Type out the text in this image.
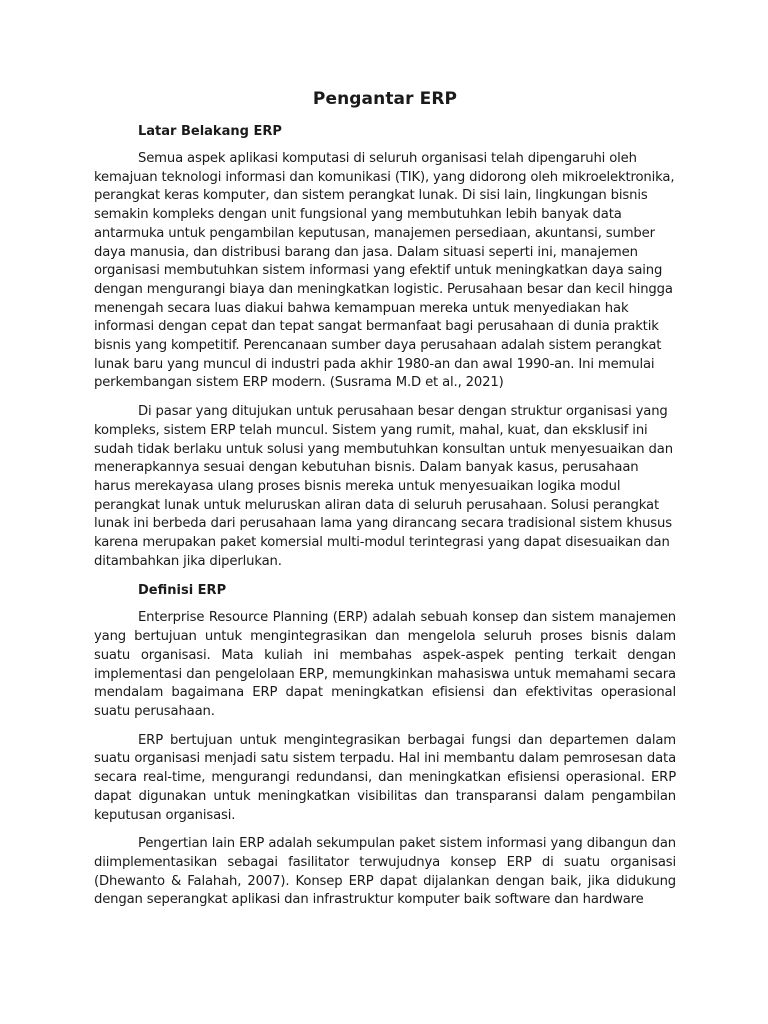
Pengantar ERP
Latar Belakang ERP

Semua aspek aplikasi komputasi di seluruh organisasi telah dipengaruhi oleh kemajuan teknologi informasi dan komunikasi (TIK), yang didorong oleh mikroelektronika, perangkat keras komputer, dan sistem perangkat lunak. Di sisi lain, lingkungan bisnis semakin kompleks dengan unit fungsional yang membutuhkan lebih banyak data antarmuka untuk pengambilan keputusan, manajemen persediaan, akuntansi, sumber daya manusia, dan distribusi barang dan jasa. Dalam situasi seperti ini, manajemen organisasi membutuhkan sistem informasi yang efektif untuk meningkatkan daya saing dengan mengurangi biaya dan meningkatkan logistic. Perusahaan besar dan kecil hingga menengah secara luas diakui bahwa kemampuan mereka untuk menyediakan hak informasi dengan cepat dan tepat sangat bermanfaat bagi perusahaan di dunia praktik bisnis yang kompetitif. Perencanaan sumber daya perusahaan adalah sistem perangkat lunak baru yang muncul di industri pada akhir 1980-an dan awal 1990-an. Ini memulai perkembangan sistem ERP modern. (Susrama M.D et al., 2021)

Di pasar yang ditujukan untuk perusahaan besar dengan struktur organisasi yang kompleks, sistem ERP telah muncul. Sistem yang rumit, mahal, kuat, dan eksklusif ini sudah tidak berlaku untuk solusi yang membutuhkan konsultan untuk menyesuaikan dan menerapkannya sesuai dengan kebutuhan bisnis. Dalam banyak kasus, perusahaan harus merekayasa ulang proses bisnis mereka untuk menyesuaikan logika modul perangkat lunak untuk meluruskan aliran data di seluruh perusahaan. Solusi perangkat lunak ini berbeda dari perusahaan lama yang dirancang secara tradisional sistem khusus karena merupakan paket komersial multi-modul terintegrasi yang dapat disesuaikan dan ditambahkan jika diperlukan.

Definisi ERP

Enterprise Resource Planning (ERP) adalah sebuah konsep dan sistem manajemen yang bertujuan untuk mengintegrasikan dan mengelola seluruh proses bisnis dalam suatu organisasi. Mata kuliah ini membahas aspek-aspek penting terkait dengan implementasi dan pengelolaan ERP, memungkinkan mahasiswa untuk memahami secara mendalam bagaimana ERP dapat meningkatkan efisiensi dan efektivitas operasional suatu perusahaan.

ERP bertujuan untuk mengintegrasikan berbagai fungsi dan departemen dalam suatu organisasi menjadi satu sistem terpadu. Hal ini membantu dalam pemrosesan data secara real-time, mengurangi redundansi, dan meningkatkan efisiensi operasional. ERP dapat digunakan untuk meningkatkan visibilitas dan transparansi dalam pengambilan keputusan organisasi.

Pengertian lain ERP adalah sekumpulan paket sistem informasi yang dibangun dan diimplementasikan sebagai fasilitator terwujudnya konsep ERP di suatu organisasi (Dhewanto & Falahah, 2007). Konsep ERP dapat dijalankan dengan baik, jika didukung dengan seperangkat aplikasi dan infrastruktur komputer baik software dan hardware
